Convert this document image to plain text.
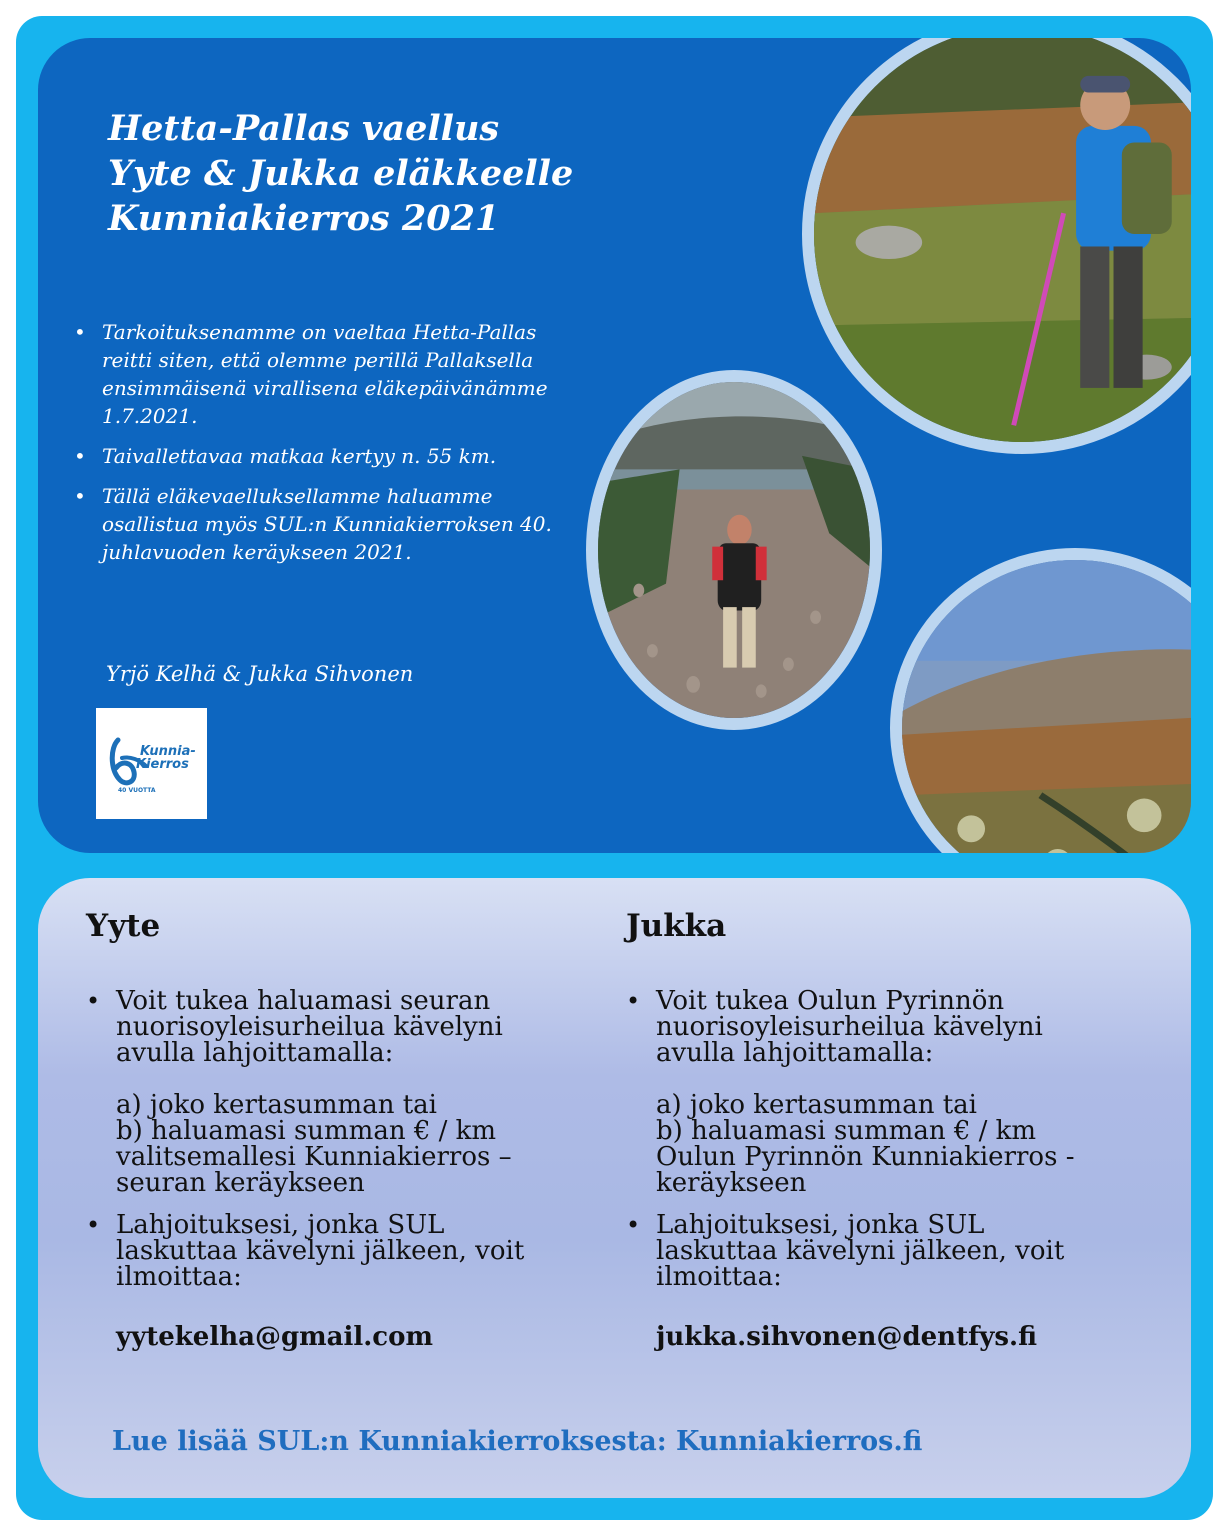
Hetta-Pallas vaellus
Yyte & Jukka eläkkeelle
Kunniakierros 2021
• Tarkoituksenamme on vaeltaa Hetta-Pallas reitti siten, että olemme perillä Pallaksella ensimmäisenä virallisena eläkepäivänämme 1.7.2021.
• Taivallettavaa matkaa kertyy n. 55 km.
• Tällä eläkevaelluksellamme haluamme osallistua myös SUL:n Kunniakierroksen 40. juhlavuoden keräykseen 2021.
Yrjö Kelhä & Jukka Sihvonen
Kunnia-
Kierros
40 VUOTTA
Yyte
• Voit tukea haluamasi seuran
nuorisoyleisurheilua kävelyni
avulla lahjoittamalla:
a) joko kertasumman tai
b) haluamasi summan € / km
valitsemallesi Kunniakierros –
seuran keräykseen
• Lahjoituksesi, jonka SUL
laskuttaa kävelyni jälkeen, voit
ilmoittaa:
yytekelha@gmail.com
Jukka
• Voit tukea Oulun Pyrinnön
nuorisoyleisurheilua kävelyni
avulla lahjoittamalla:
a) joko kertasumman tai
b) haluamasi summan € / km
Oulun Pyrinnön Kunniakierros -
keräykseen
• Lahjoituksesi, jonka SUL
laskuttaa kävelyni jälkeen, voit
ilmoittaa:
jukka.sihvonen@dentfys.fi
Lue lisää SUL:n Kunniakierroksesta: Kunniakierros.fi
